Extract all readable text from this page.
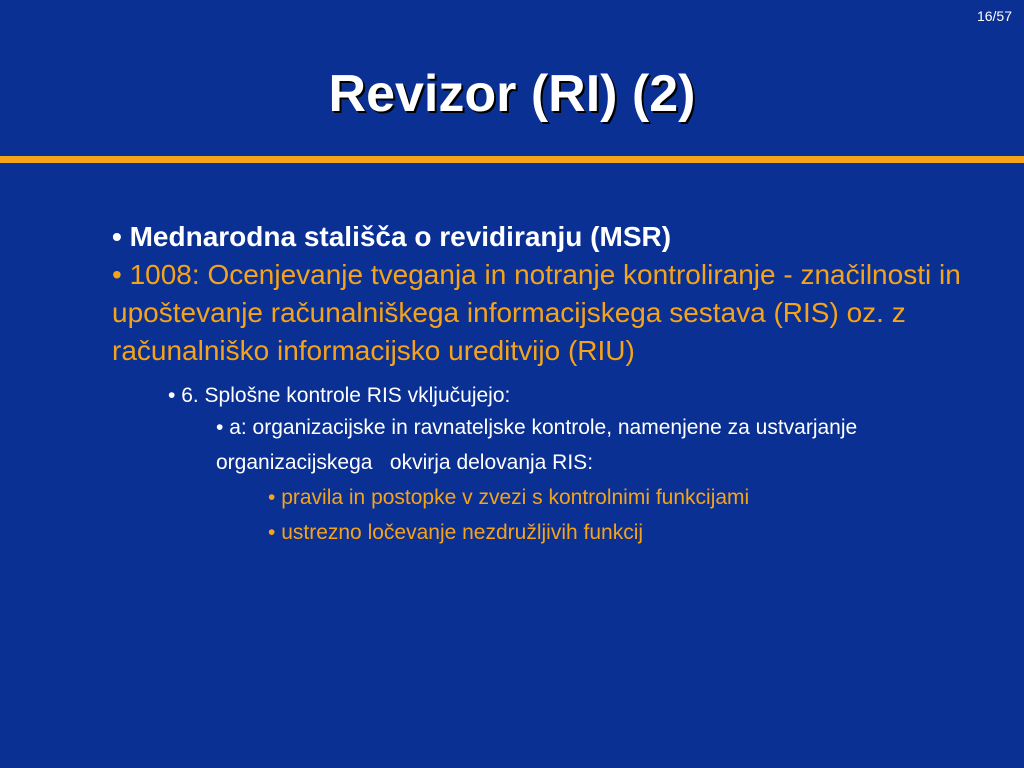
16/57
Revizor (RI) (2)
• Mednarodna stališča o revidiranju (MSR)
• 1008: Ocenjevanje tveganja in notranje kontroliranje - značilnosti in upoštevanje računalniškega informacijskega sestava (RIS) oz. z računalniško informacijsko ureditvijo (RIU)
• 6. Splošne kontrole RIS vključujejo:
• a: organizacijske in ravnateljske kontrole, namenjene za ustvarjanje organizacijskega   okvirja delovanja RIS:
• pravila in postopke v zvezi s kontrolnimi funkcijami
• ustrezno ločevanje nezdružljivih funkcij
